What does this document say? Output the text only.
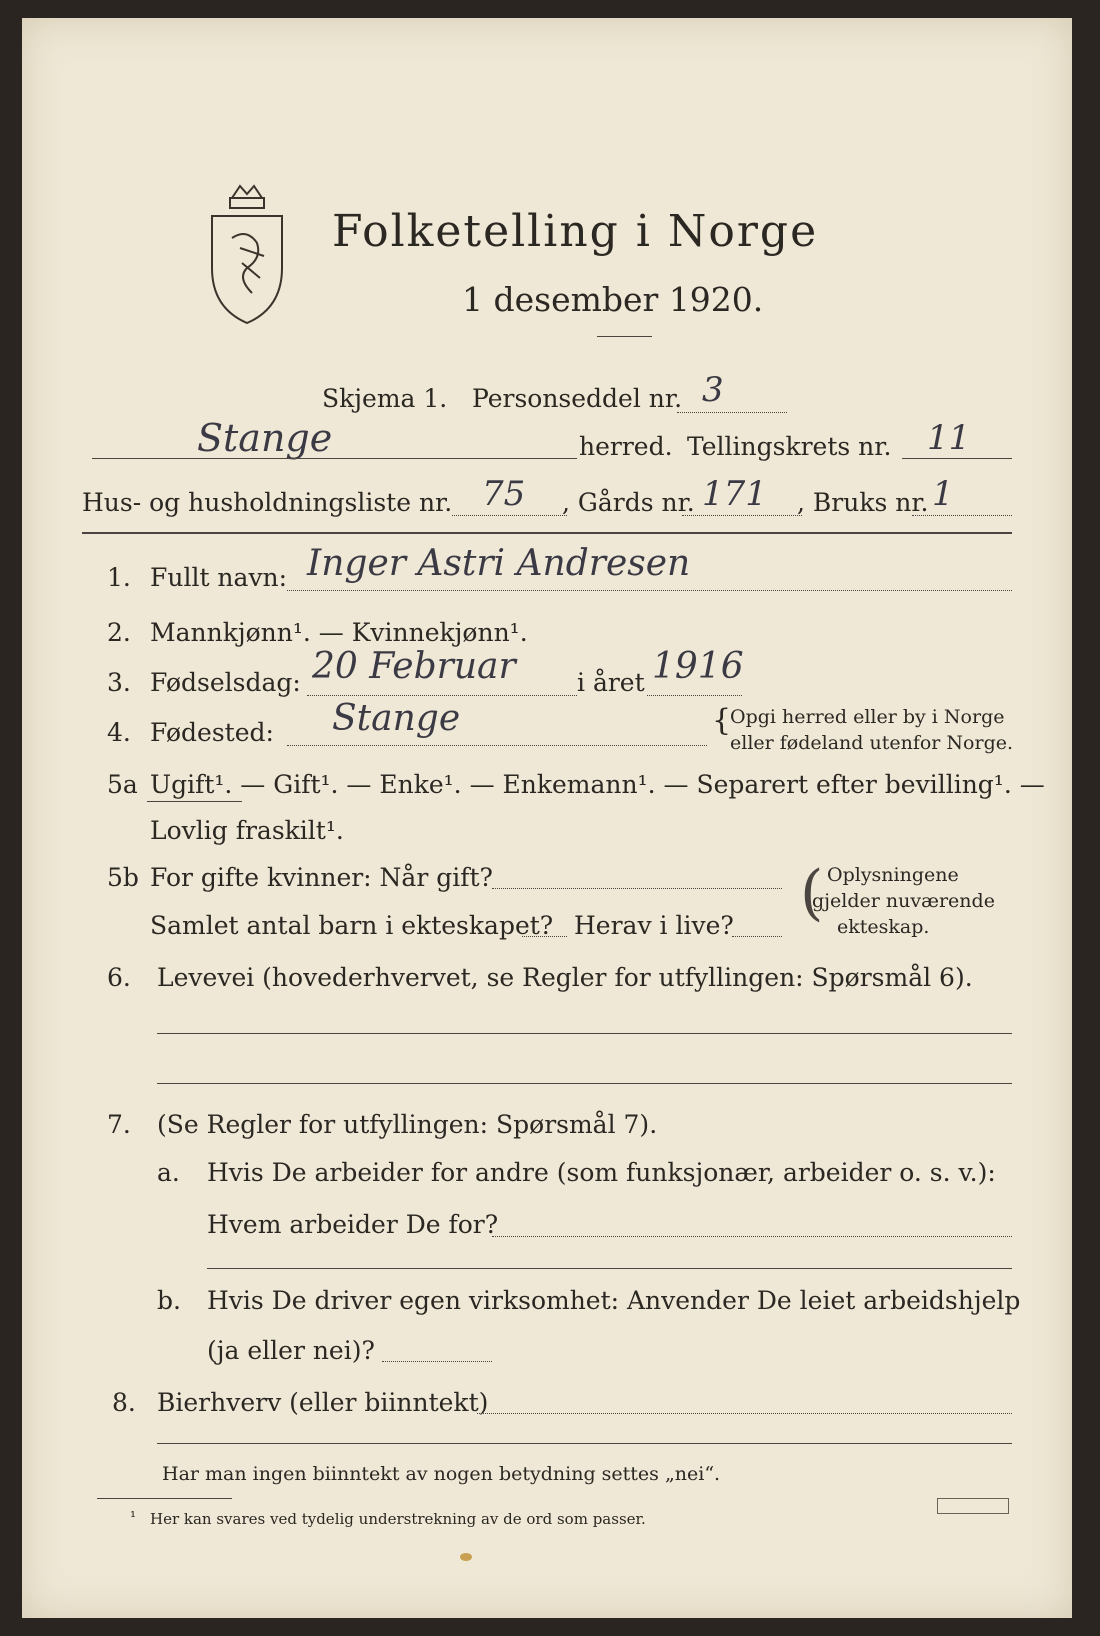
Folketelling i Norge
1 desember 1920.
Skjema 1. Personseddel nr. 3
Stange	herred. Tellingskrets nr. 11
Hus- og husholdningsliste nr. 75 , Gårds nr. 171 , Bruks nr. 1
1. Fullt navn: Inger Astri Andresen
2. Mannkjønn¹. — Kvinnekjønn¹.
3. Fødselsdag: 20 Februar i året 1916
4. Fødested: Stange	{
Opgi herred eller by i Norge
eller fødeland utenfor Norge.
5a Ugift¹. — Gift¹. — Enke¹. — Enkemann¹. — Separert efter bevilling¹. —
Lovlig fraskilt¹.
5b For gifte kvinner: Når gift?
Samlet antal barn i ekteskapet? Herav i live? ( Oplysningene
gjelder nuværende
ekteskap.
6. Levevei (hovederhvervet, se Regler for utfyllingen: Spørsmål 6).
7. (Se Regler for utfyllingen: Spørsmål 7).
a. Hvis De arbeider for andre (som funksjonær, arbeider o. s. v.):
Hvem arbeider De for?
b. Hvis De driver egen virksomhet: Anvender De leiet arbeidshjelp
(ja eller nei)?
8. Bierhverv (eller biinntekt)
Har man ingen biinntekt av nogen betydning settes „nei“.
¹ Her kan svares ved tydelig understrekning av de ord som passer.
